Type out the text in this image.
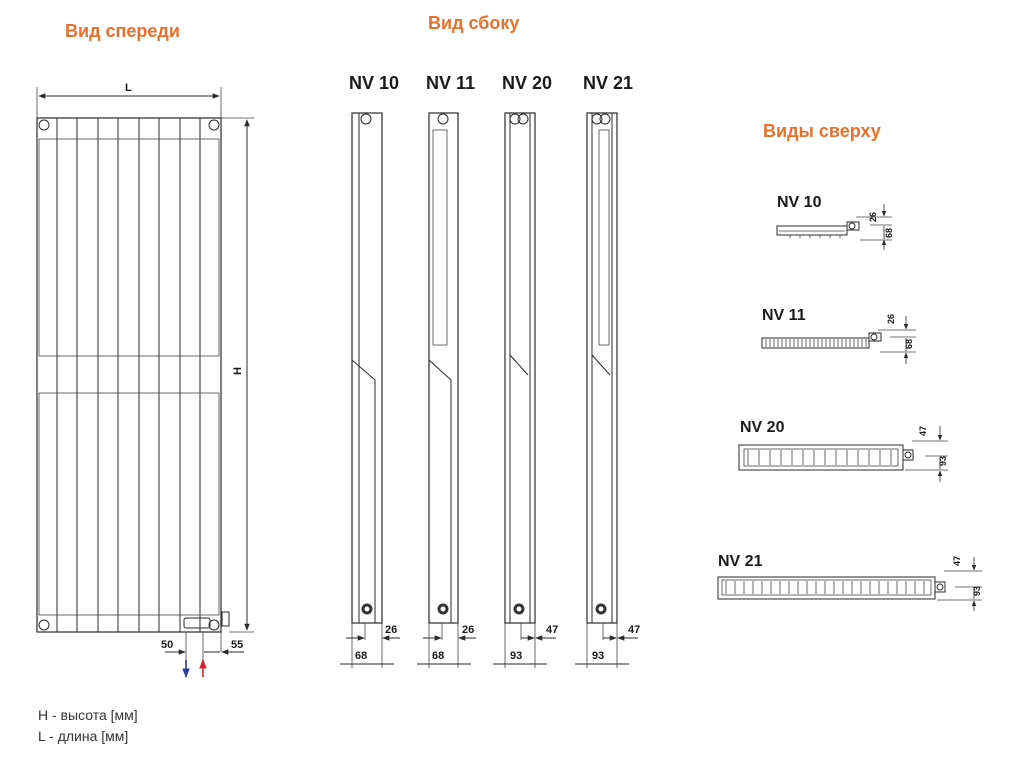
Вид спереди	Вид сбоку
Виды сверху
L
H
50	55
NV 10
26
68
NV 11
26
68
NV 20
47
93
NV 21
47
93
NV 10
26
68
NV 11	26
68
NV 20	47
93
NV 21	47
93
H - высота [мм]
L - длина [мм]
